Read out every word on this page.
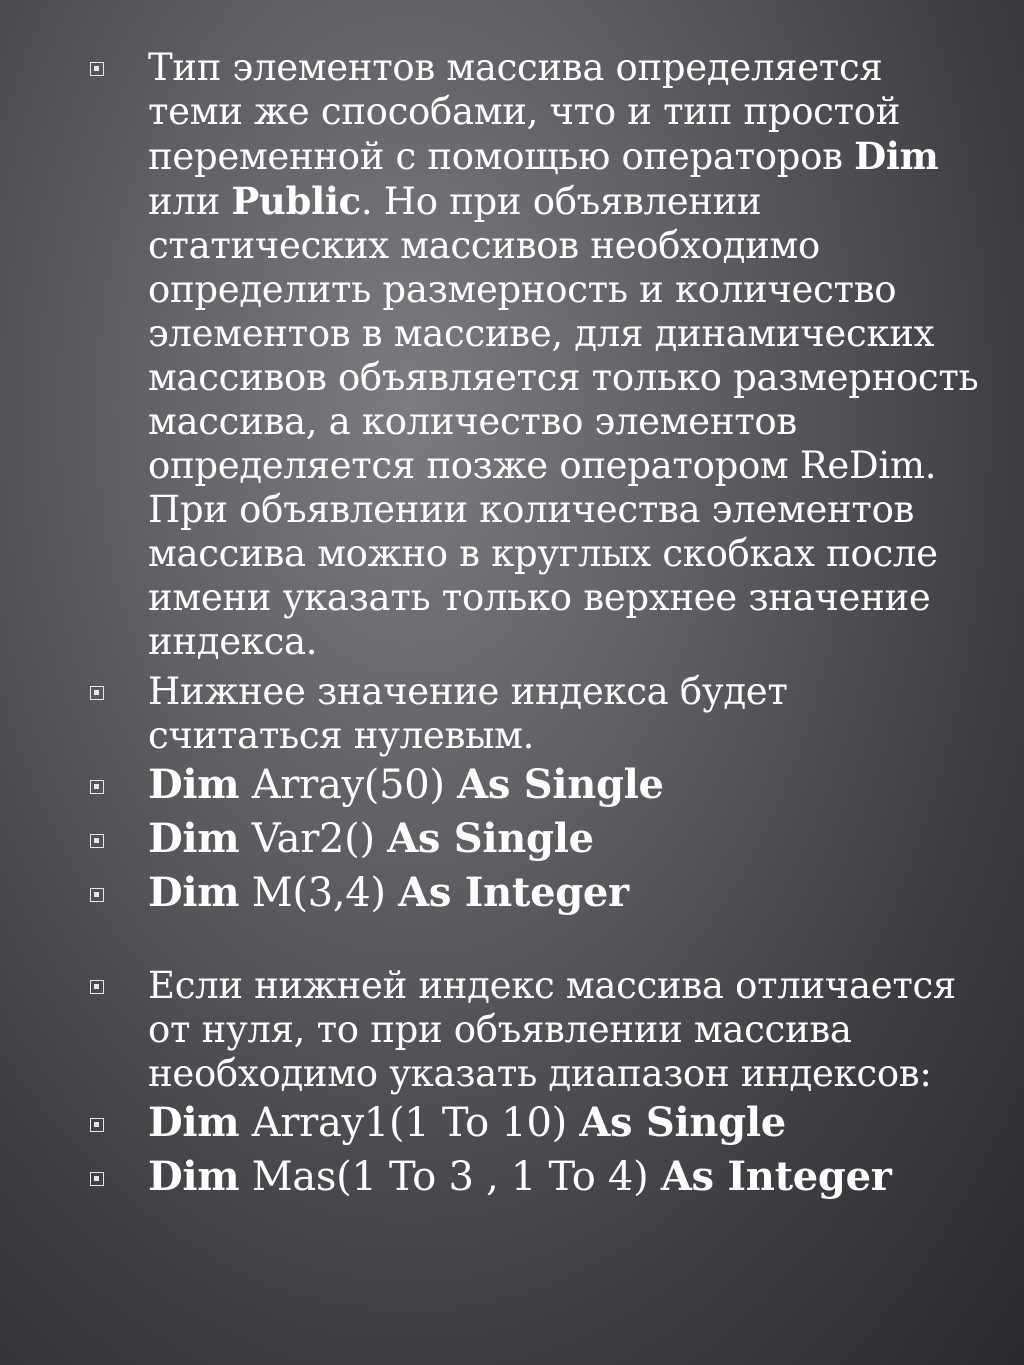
Тип элементов массива определяется теми же способами, что и тип простой переменной с помощью операторов Dim или Public. Но при объявлении статических массивов необходимо определить размерность и количество элементов в массиве, для динамических массивов объявляется только размерность массива, а количество элементов определяется позже оператором ReDim. При объявлении количества элементов массива можно в круглых скобках после имени указать только верхнее значение индекса.
Нижнее значение индекса будет считаться нулевым.
Dim Array(50) As Single
Dim Var2() As Single
Dim M(3,4) As Integer
Если нижней индекс массива отличается от нуля, то при объявлении массива необходимо указать диапазон индексов:
Dim Array1(1 To 10) As Single
Dim Mas(1 To 3 , 1 To 4) As Integer
